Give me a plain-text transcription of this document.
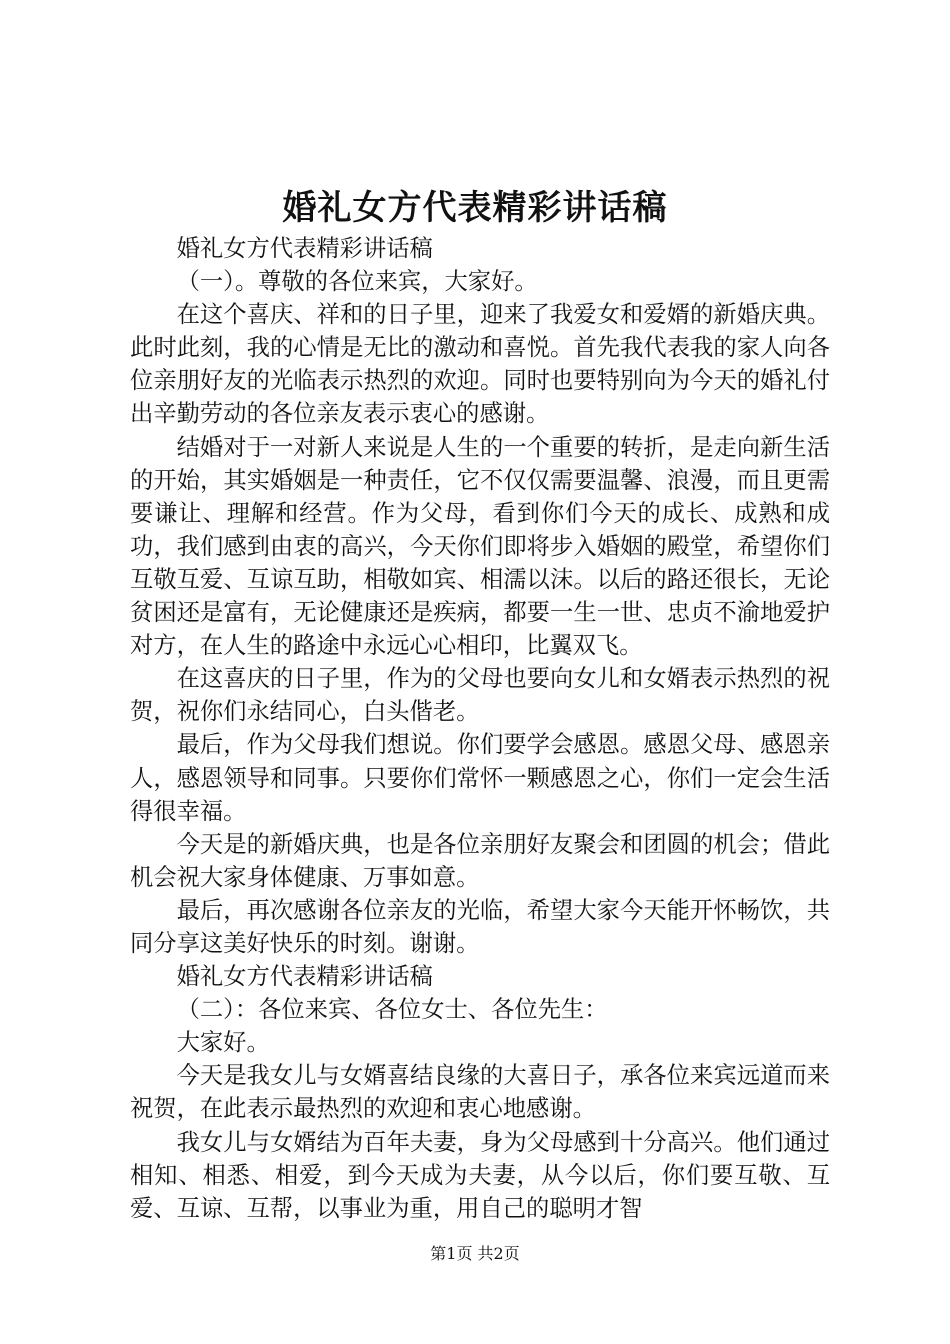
婚礼女方代表精彩讲话稿

婚礼女方代表精彩讲话稿

（一）。尊敬的各位来宾，大家好。

在这个喜庆、祥和的日子里，迎来了我爱女和爱婿的新婚庆典。此时此刻，我的心情是无比的激动和喜悦。首先我代表我的家人向各位亲朋好友的光临表示热烈的欢迎。同时也要特别向为今天的婚礼付出辛勤劳动的各位亲友表示衷心的感谢。

结婚对于一对新人来说是人生的一个重要的转折，是走向新生活的开始，其实婚姻是一种责任，它不仅仅需要温馨、浪漫，而且更需要谦让、理解和经营。作为父母，看到你们今天的成长、成熟和成功，我们感到由衷的高兴，今天你们即将步入婚姻的殿堂，希望你们互敬互爱、互谅互助，相敬如宾、相濡以沫。以后的路还很长，无论贫困还是富有，无论健康还是疾病，都要一生一世、忠贞不渝地爱护对方，在人生的路途中永远心心相印，比翼双飞。

在这喜庆的日子里，作为的父母也要向女儿和女婿表示热烈的祝贺，祝你们永结同心，白头偕老。

最后，作为父母我们想说。你们要学会感恩。感恩父母、感恩亲人，感恩领导和同事。只要你们常怀一颗感恩之心，你们一定会生活得很幸福。

今天是的新婚庆典，也是各位亲朋好友聚会和团圆的机会；借此机会祝大家身体健康、万事如意。

最后，再次感谢各位亲友的光临，希望大家今天能开怀畅饮，共同分享这美好快乐的时刻。谢谢。

婚礼女方代表精彩讲话稿

（二）：各位来宾、各位女士、各位先生：

大家好。

今天是我女儿与女婿喜结良缘的大喜日子，承各位来宾远道而来祝贺，在此表示最热烈的欢迎和衷心地感谢。

我女儿与女婿结为百年夫妻，身为父母感到十分高兴。他们通过相知、相悉、相爱，到今天成为夫妻，从今以后，你们要互敬、互爱、互谅、互帮，以事业为重，用自己的聪明才智

第1页 共2页
